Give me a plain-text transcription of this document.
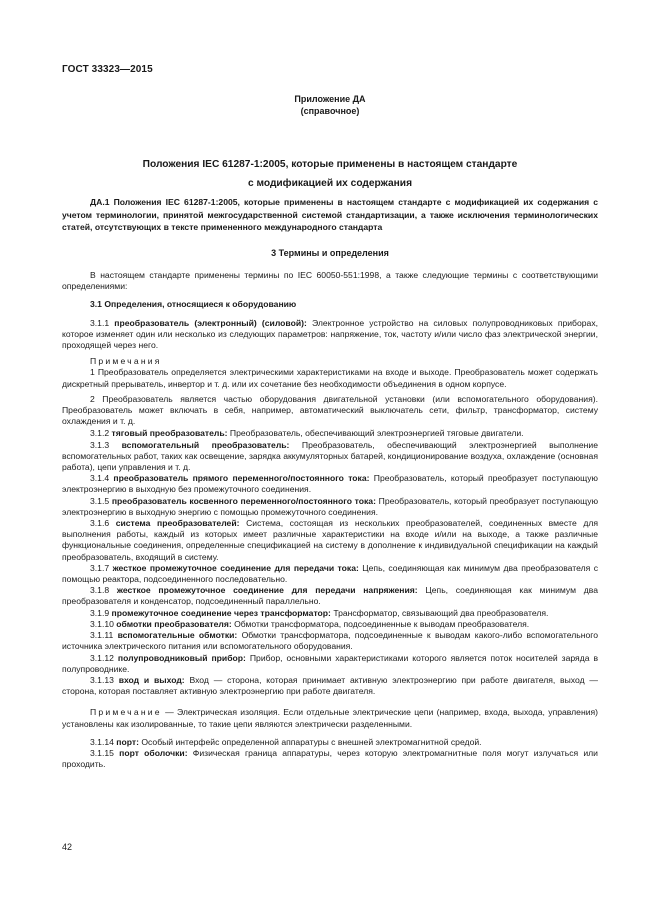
ГОСТ 33323—2015
Приложение ДА
(справочное)
Положения IEC 61287-1:2005, которые применены в настоящем стандарте
с модификацией их содержания

ДА.1 Положения IEC 61287-1:2005, которые применены в настоящем стандарте с модификацией их содержания с учетом терминологии, принятой межгосударственной системой стандартизации, а также исключения терминологических статей, отсутствующих в тексте примененного международного стандарта

3 Термины и определения

В настоящем стандарте применены термины по IEC 60050-551:1998, а также следующие термины с соответствующими определениями:

3.1 Определения, относящиеся к оборудованию

3.1.1 преобразователь (электронный) (силовой): Электронное устройство на силовых полупроводниковых приборах, которое изменяет один или несколько из следующих параметров: напряжение, ток, частоту и/или число фаз электрической энергии, проходящей через него.

Примечания

1 Преобразователь определяется электрическими характеристиками на входе и выходе. Преобразователь может содержать дискретный прерыватель, инвертор и т. д. или их сочетание без необходимости объединения в одном корпусе.

2 Преобразователь является частью оборудования двигательной установки (или вспомогательного оборудования). Преобразователь может включать в себя, например, автоматический выключатель сети, фильтр, трансформатор, систему охлаждения и т. д.

3.1.2 тяговый преобразователь: Преобразователь, обеспечивающий электроэнергией тяговые двигатели.

3.1.3 вспомогательный преобразователь: Преобразователь, обеспечивающий электроэнергией выполнение вспомогательных работ, таких как освещение, зарядка аккумуляторных батарей, кондиционирование воздуха, охлаждение (основная работа), цепи управления и т. д.

3.1.4 преобразователь прямого переменного/постоянного тока: Преобразователь, который преобразует поступающую электроэнергию в выходную без промежуточного соединения.

3.1.5 преобразователь косвенного переменного/постоянного тока: Преобразователь, который преобразует поступающую электроэнергию в выходную энергию с помощью промежуточного соединения.

3.1.6 система преобразователей: Система, состоящая из нескольких преобразователей, соединенных вместе для выполнения работы, каждый из которых имеет различные характеристики на входе и/или на выходе, а также различные функциональные соединения, определенные спецификацией на систему в дополнение к индивидуальной спецификации на каждый преобразователь, входящий в систему.

3.1.7 жесткое промежуточное соединение для передачи тока: Цепь, соединяющая как минимум два преобразователя с помощью реактора, подсоединенного последовательно.

3.1.8 жесткое промежуточное соединение для передачи напряжения: Цепь, соединяющая как минимум два преобразователя и конденсатор, подсоединенный параллельно.

3.1.9 промежуточное соединение через трансформатор: Трансформатор, связывающий два преобразователя.

3.1.10 обмотки преобразователя: Обмотки трансформатора, подсоединенные к выводам преобразователя.

3.1.11 вспомогательные обмотки: Обмотки трансформатора, подсоединенные к выводам какого-либо вспомогательного источника электрического питания или вспомогательного оборудования.

3.1.12 полупроводниковый прибор: Прибор, основными характеристиками которого является поток носителей заряда в полупроводнике.

3.1.13 вход и выход: Вход — сторона, которая принимает активную электроэнергию при работе двигателя, выход — сторона, которая поставляет активную электроэнергию при работе двигателя.

Примечание — Электрическая изоляция. Если отдельные электрические цепи (например, входа, выхода, управления) установлены как изолированные, то такие цепи являются электрически разделенными.

3.1.14 порт: Особый интерфейс определенной аппаратуры с внешней электромагнитной средой.

3.1.15 порт оболочки: Физическая граница аппаратуры, через которую электромагнитные поля могут излучаться или проходить.

42
